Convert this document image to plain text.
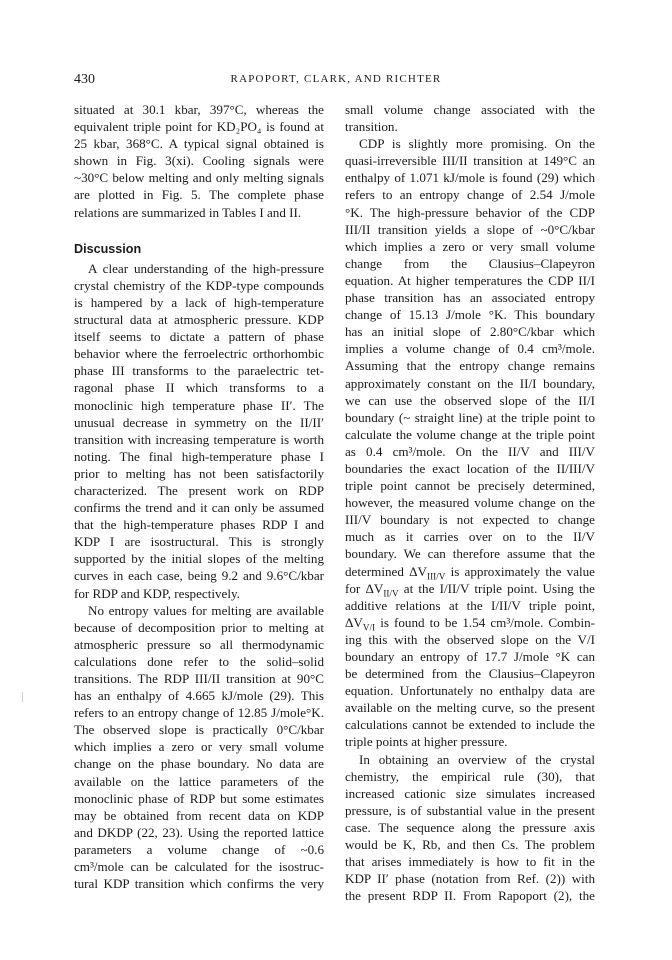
430	RAPOPORT, CLARK, AND RICHTER
situated at 30.1 kbar, 397°C, whereas the
equivalent triple point for KD₂PO₄ is found at
25 kbar, 368°C. A typical signal obtained is
shown in Fig. 3(xi). Cooling signals were
~30°C below melting and only melting signals
are plotted in Fig. 5. The complete phase
relations are summarized in Tables I and II.
Discussion
A clear understanding of the high-pressure
crystal chemistry of the KDP-type compounds
is hampered by a lack of high-temperature
structural data at atmospheric pressure. KDP
itself seems to dictate a pattern of phase
behavior where the ferroelectric orthorhombic
phase III transforms to the paraelectric tet-
ragonal phase II which transforms to a
monoclinic high temperature phase II′. The
unusual decrease in symmetry on the II/II′
transition with increasing temperature is worth
noting. The final high-temperature phase I
prior to melting has not been satisfactorily
characterized. The present work on RDP
confirms the trend and it can only be assumed
that the high-temperature phases RDP I and
KDP I are isostructural. This is strongly
supported by the initial slopes of the melting
curves in each case, being 9.2 and 9.6°C/kbar
for RDP and KDP, respectively.
No entropy values for melting are available
because of decomposition prior to melting at
atmospheric pressure so all thermodynamic
calculations done refer to the solid–solid
transitions. The RDP III/II transition at 90°C
has an enthalpy of 4.665 kJ/mole (29). This
refers to an entropy change of 12.85 J/mole°K.
The observed slope is practically 0°C/kbar
which implies a zero or very small volume
change on the phase boundary. No data are
available on the lattice parameters of the
monoclinic phase of RDP but some estimates
may be obtained from recent data on KDP
and DKDP (22, 23). Using the reported lattice
parameters a volume change of ~0.6
cm³/mole can be calculated for the isostruc-
tural KDP transition which confirms the very
small volume change associated with the
transition.
CDP is slightly more promising. On the
quasi-irreversible III/II transition at 149°C an
enthalpy of 1.071 kJ/mole is found (29) which
refers to an entropy change of 2.54 J/mole
°K. The high-pressure behavior of the CDP
III/II transition yields a slope of ~0°C/kbar
which implies a zero or very small volume
change from the Clausius–Clapeyron
equation. At higher temperatures the CDP II/I
phase transition has an associated entropy
change of 15.13 J/mole °K. This boundary
has an initial slope of 2.80°C/kbar which
implies a volume change of 0.4 cm³/mole.
Assuming that the entropy change remains
approximately constant on the II/I boundary,
we can use the observed slope of the II/I
boundary (~ straight line) at the triple point to
calculate the volume change at the triple point
as 0.4 cm³/mole. On the II/V and III/V
boundaries the exact location of the II/III/V
triple point cannot be precisely determined,
however, the measured volume change on the
III/V boundary is not expected to change
much as it carries over on to the II/V
boundary. We can therefore assume that the
determined $\Delta V_{III/V}$ is approximately the value
for $\Delta V_{II/V}$ at the I/II/V triple point. Using the
additive relations at the I/II/V triple point,
$\Delta V_{V/I}$ is found to be 1.54 cm³/mole. Combin-
ing this with the observed slope on the V/I
boundary an entropy of 17.7 J/mole °K can
be determined from the Clausius–Clapeyron
equation. Unfortunately no enthalpy data are
available on the melting curve, so the present
calculations cannot be extended to include the
triple points at higher pressure.
In obtaining an overview of the crystal
chemistry, the empirical rule (30), that
increased cationic size simulates increased
pressure, is of substantial value in the present
case. The sequence along the pressure axis
would be K, Rb, and then Cs. The problem
that arises immediately is how to fit in the
KDP II′ phase (notation from Ref. (2)) with
the present RDP II. From Rapoport (2), the
